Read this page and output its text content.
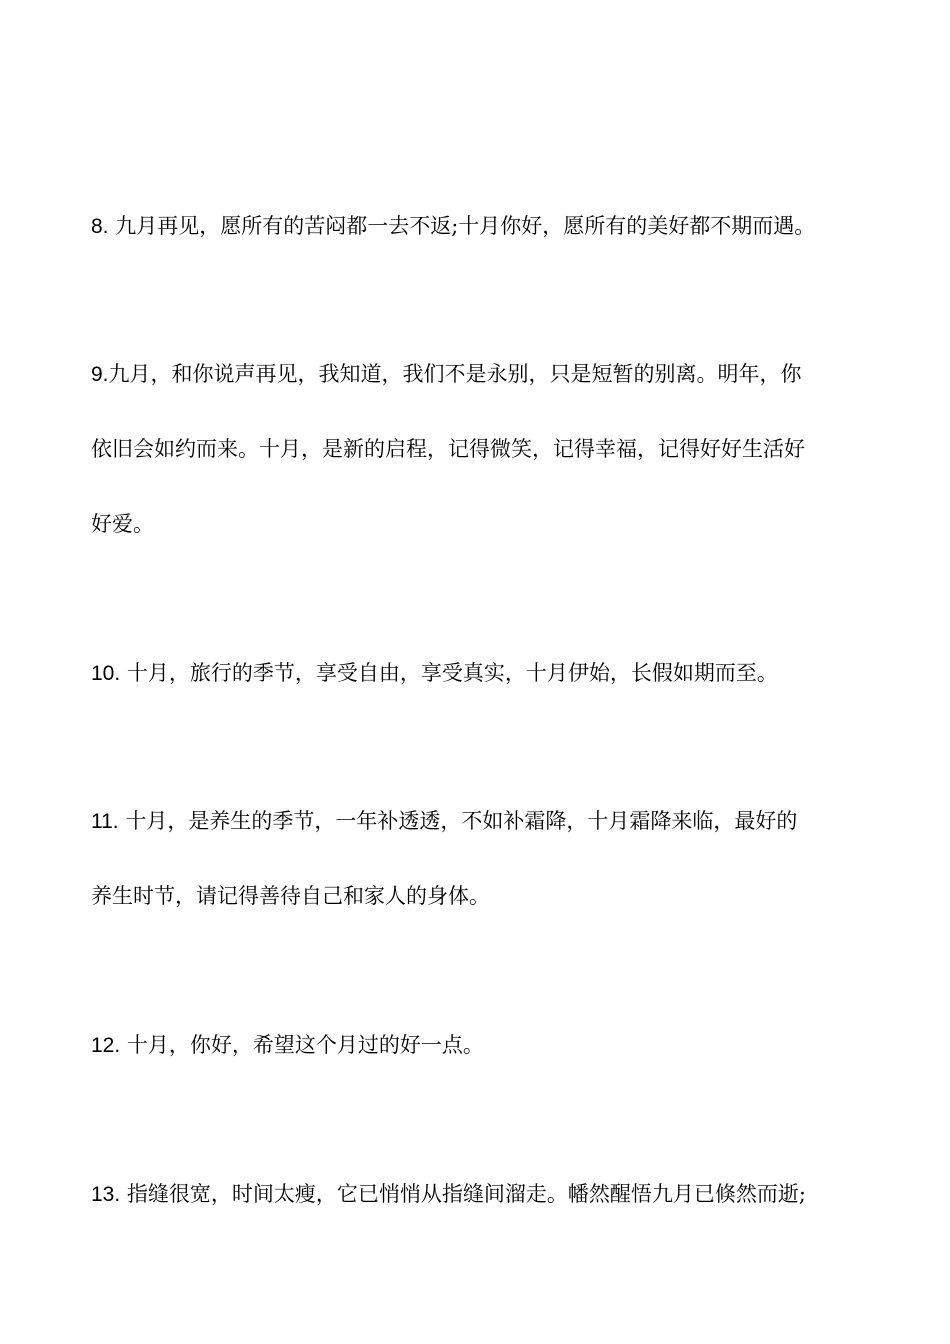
8. 九月再见，愿所有的苦闷都一去不返;十月你好，愿所有的美好都不期而遇。
9.九月，和你说声再见，我知道，我们不是永别，只是短暂的别离。明年，你
依旧会如约而来。十月，是新的启程，记得微笑，记得幸福，记得好好生活好
好爱。
10. 十月，旅行的季节，享受自由，享受真实，十月伊始，长假如期而至。
11. 十月，是养生的季节，一年补透透，不如补霜降，十月霜降来临，最好的
养生时节，请记得善待自己和家人的身体。
12. 十月，你好，希望这个月过的好一点。
13. 指缝很宽，时间太瘦，它已悄悄从指缝间溜走。幡然醒悟九月已倏然而逝;
